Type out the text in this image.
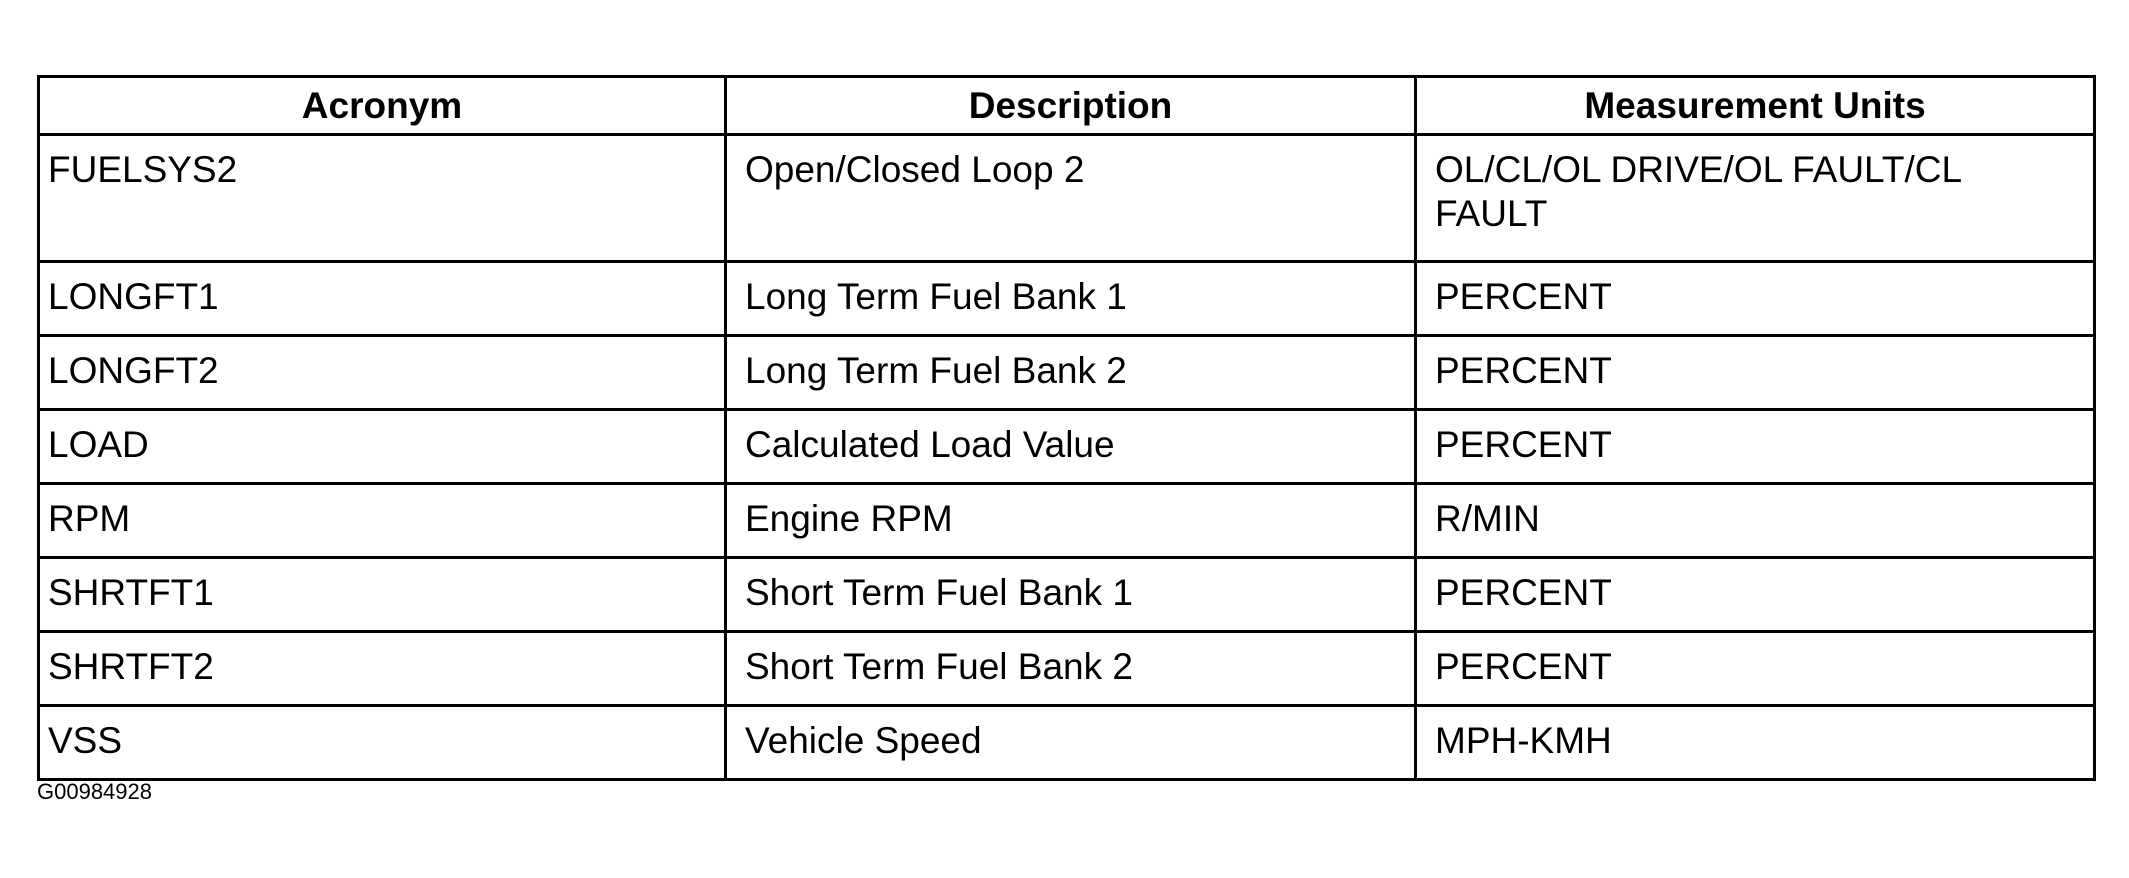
Acronym	Description	Measurement Units
FUELSYS2	Open/Closed Loop 2	OL/CL/OL DRIVE/OL FAULT/CL FAULT
LONGFT1	Long Term Fuel Bank 1	PERCENT
LONGFT2	Long Term Fuel Bank 2	PERCENT
LOAD	Calculated Load Value	PERCENT
RPM	Engine RPM	R/MIN
SHRTFT1	Short Term Fuel Bank 1	PERCENT
SHRTFT2	Short Term Fuel Bank 2	PERCENT
VSS	Vehicle Speed	MPH-KMH
G00984928
